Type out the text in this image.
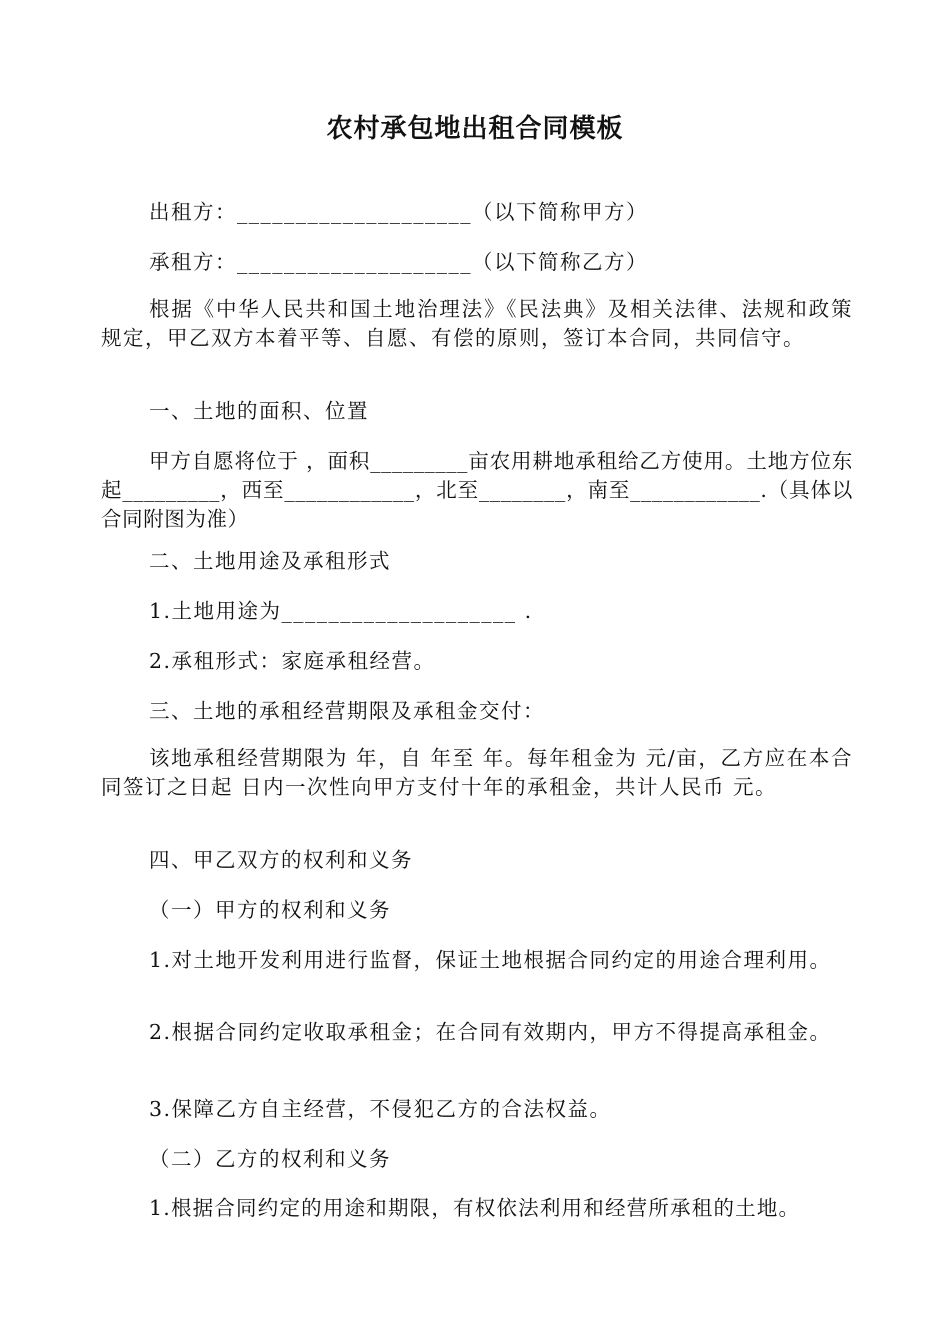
农村承包地出租合同模板

出租方：____________________（以下简称甲方）

承租方：____________________（以下简称乙方）

根据《中华人民共和国土地治理法》《民法典》及相关法律、法规和政策规定，甲乙双方本着平等、自愿、有偿的原则，签订本合同，共同信守。

一、土地的面积、位置

甲方自愿将位于 ，面积_________亩农用耕地承租给乙方使用。土地方位东起_________，西至____________，北至________，南至____________.（具体以合同附图为准）

二、土地用途及承租形式

1.土地用途为____________________ .

2.承租形式：家庭承租经营。

三、土地的承租经营期限及承租金交付：

该地承租经营期限为 年，自 年至 年。每年租金为 元/亩，乙方应在本合同签订之日起 日内一次性向甲方支付十年的承租金，共计人民币 元。

四、甲乙双方的权利和义务

（一）甲方的权利和义务

1.对土地开发利用进行监督，保证土地根据合同约定的用途合理利用。

2.根据合同约定收取承租金；在合同有效期内，甲方不得提高承租金。

3.保障乙方自主经营，不侵犯乙方的合法权益。

（二）乙方的权利和义务

1.根据合同约定的用途和期限，有权依法利用和经营所承租的土地。
